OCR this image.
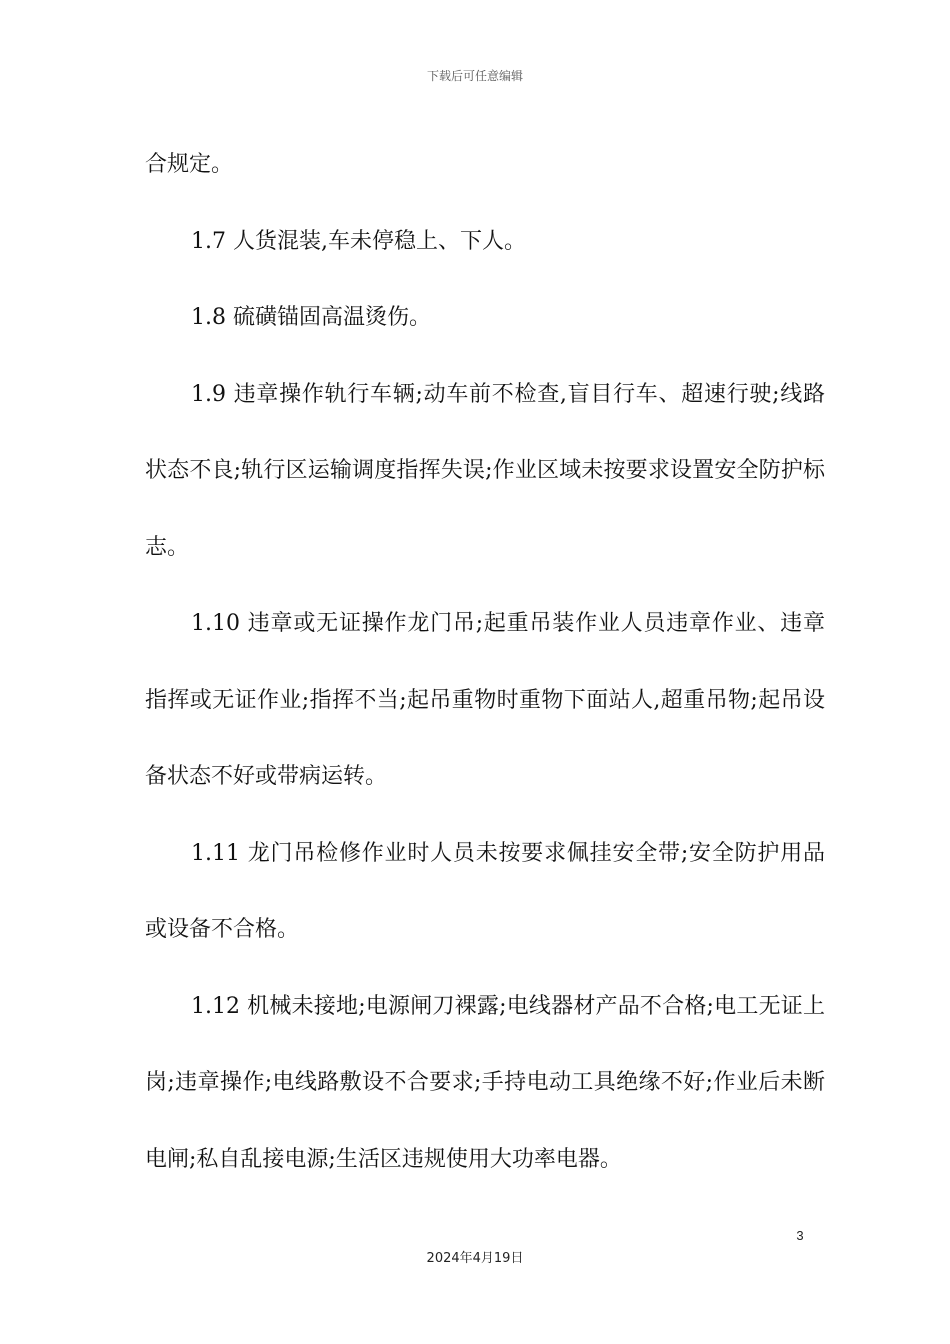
下载后可任意编辑

合规定。

1.7 人货混装,车未停稳上、下人。

1.8 硫磺锚固高温烫伤。

1.9 违章操作轨行车辆;动车前不检查,盲目行车、超速行驶;线路状态不良;轨行区运输调度指挥失误;作业区域未按要求设置安全防护标志。

1.10 违章或无证操作龙门吊;起重吊装作业人员违章作业、违章指挥或无证作业;指挥不当;起吊重物时重物下面站人,超重吊物;起吊设备状态不好或带病运转。

1.11 龙门吊检修作业时人员未按要求佩挂安全带;安全防护用品或设备不合格。

1.12 机械未接地;电源闸刀裸露;电线器材产品不合格;电工无证上岗;违章操作;电线路敷设不合要求;手持电动工具绝缘不好;作业后未断电闸;私自乱接电源;生活区违规使用大功率电器。

3
2024年4月19日
